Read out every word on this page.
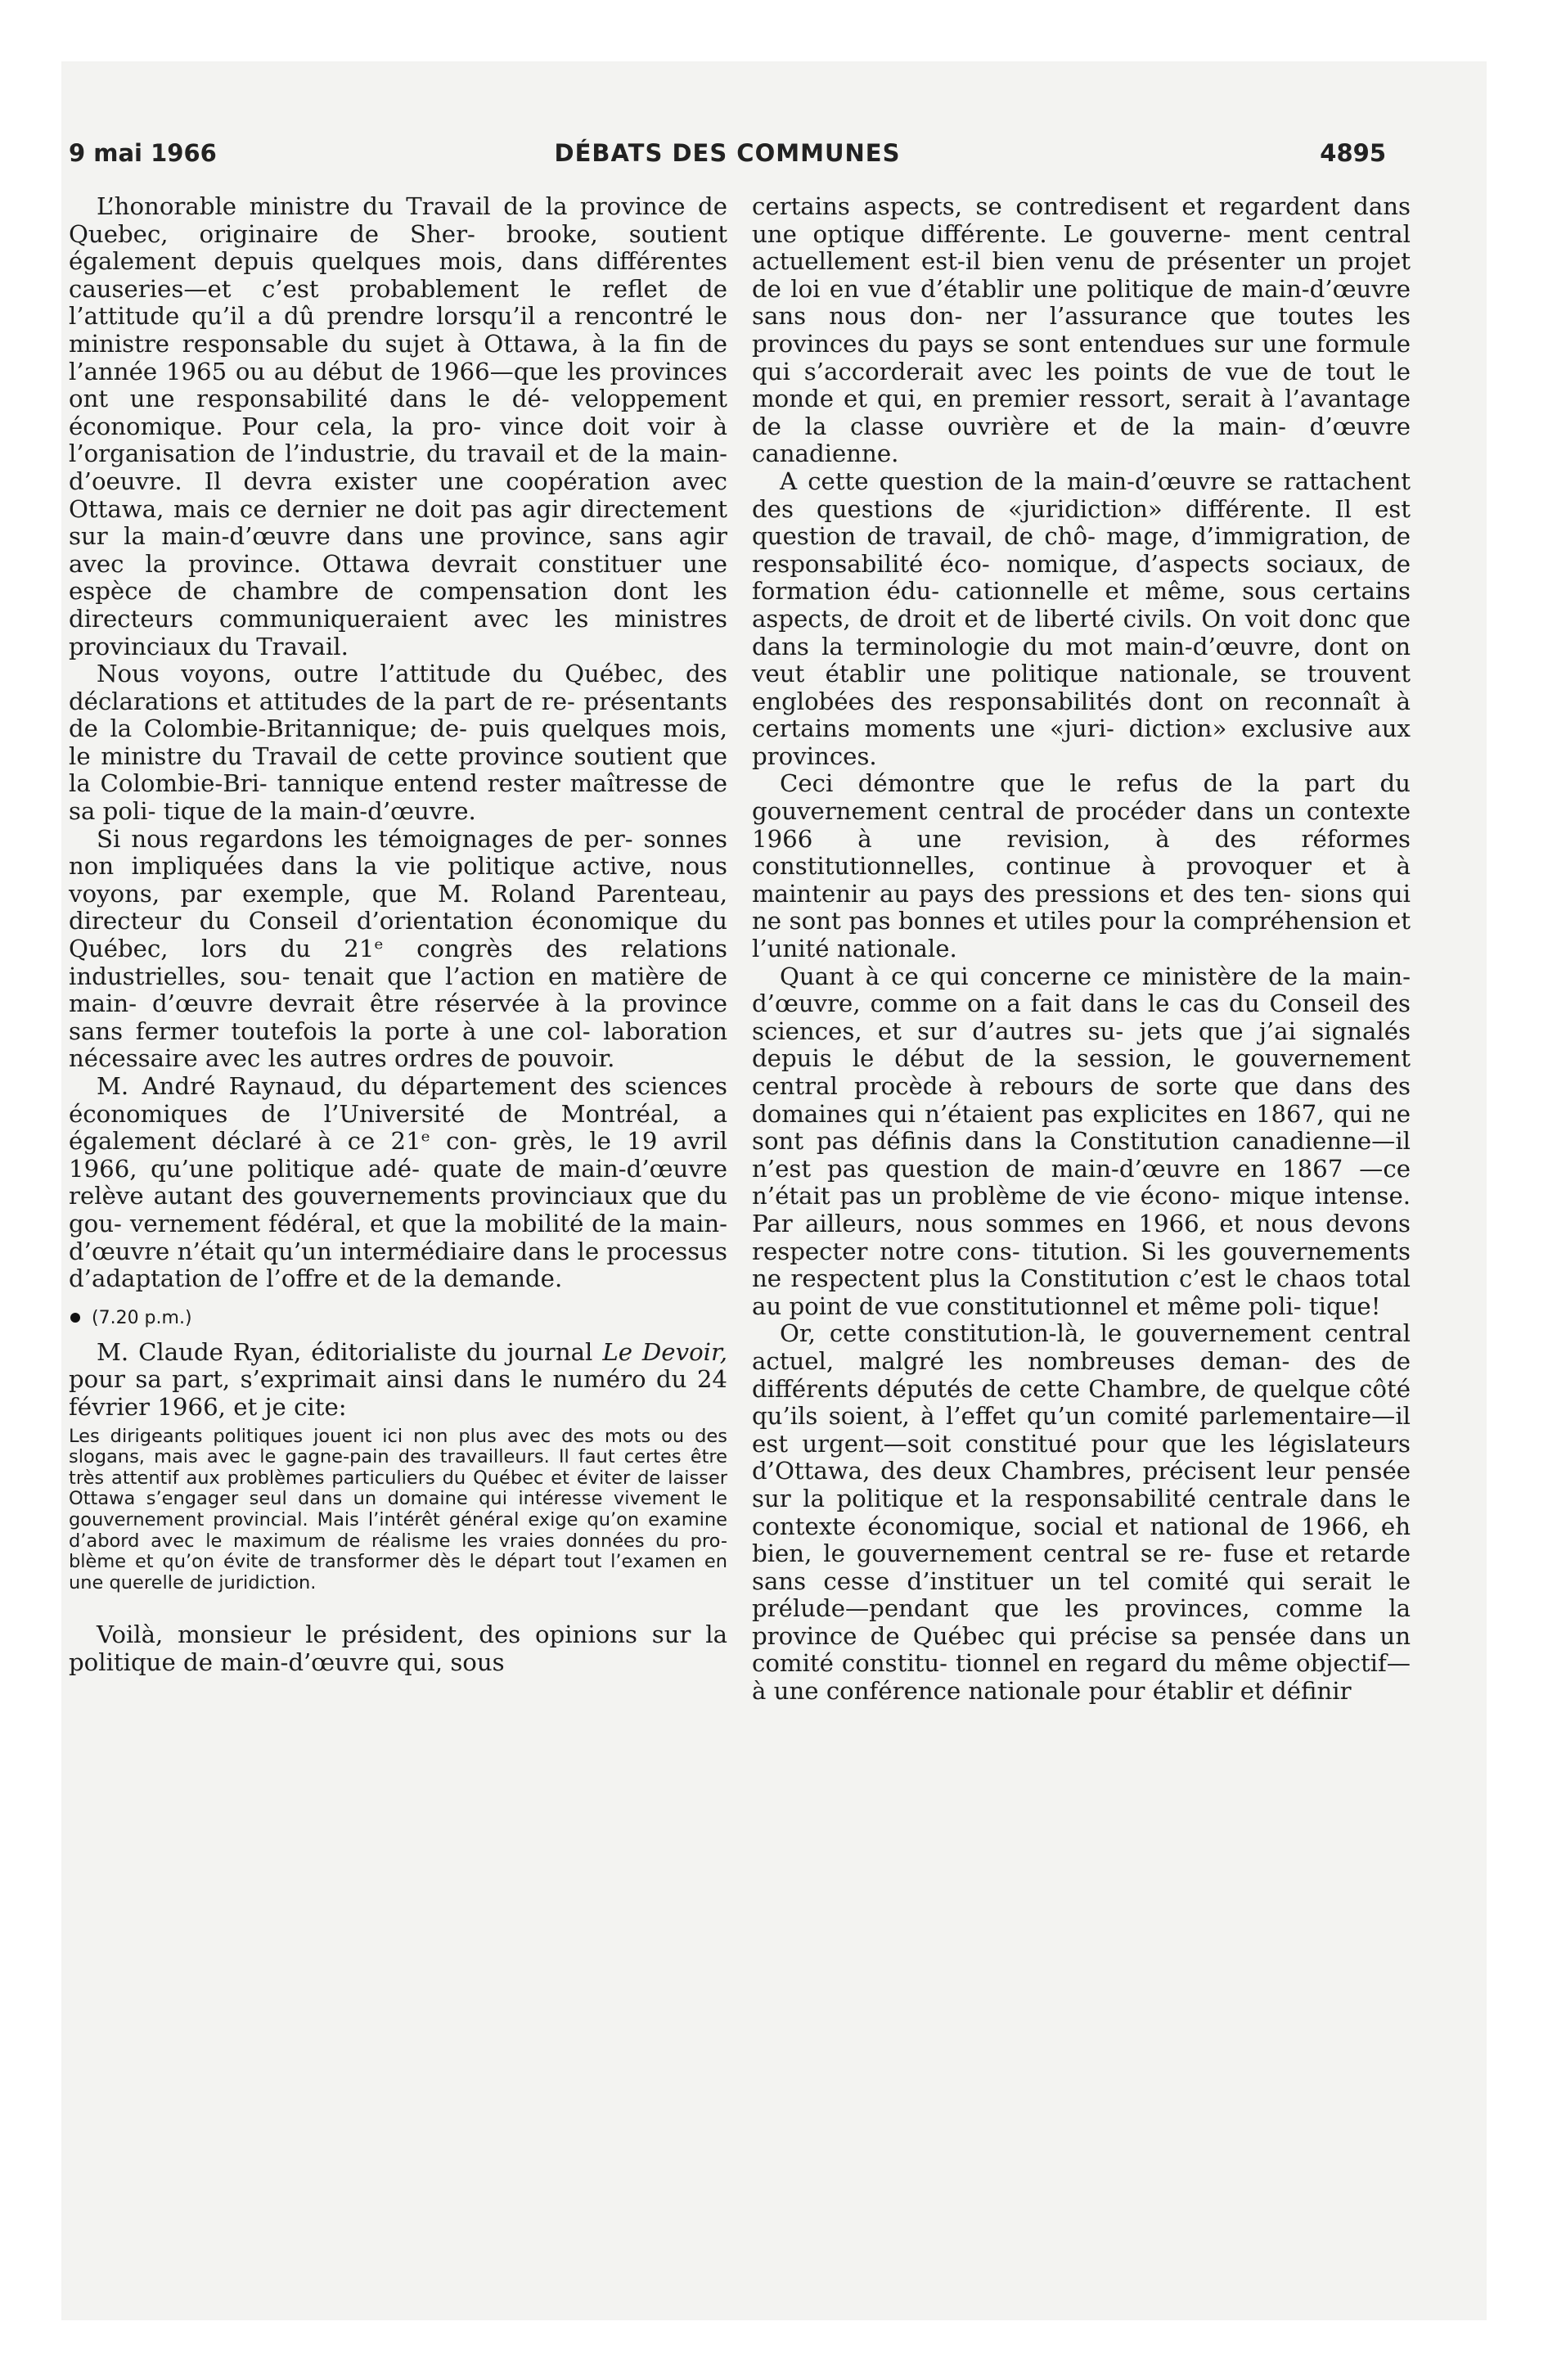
9 mai 1966	DÉBATS DES COMMUNES	4895

L’honorable ministre du Travail de la province de Quebec, originaire de Sher- brooke, soutient également depuis quelques mois, dans différentes causeries—et c’est probablement le reflet de l’attitude qu’il a dû prendre lorsqu’il a rencontré le ministre responsable du sujet à Ottawa, à la fin de l’année 1965 ou au début de 1966—que les provinces ont une responsabilité dans le dé- veloppement économique. Pour cela, la pro- vince doit voir à l’organisation de l’industrie, du travail et de la main-d’oeuvre. Il devra exister une coopération avec Ottawa, mais ce dernier ne doit pas agir directement sur la main-d’œuvre dans une province, sans agir avec la province. Ottawa devrait constituer une espèce de chambre de compensation dont les directeurs communiqueraient avec les ministres provinciaux du Travail.

Nous voyons, outre l’attitude du Québec, des déclarations et attitudes de la part de re- présentants de la Colombie-Britannique; de- puis quelques mois, le ministre du Travail de cette province soutient que la Colombie-Bri- tannique entend rester maîtresse de sa poli- tique de la main-d’œuvre.

Si nous regardons les témoignages de per- sonnes non impliquées dans la vie politique active, nous voyons, par exemple, que M. Roland Parenteau, directeur du Conseil d’orientation économique du Québec, lors du 21ᵉ congrès des relations industrielles, sou- tenait que l’action en matière de main- d’œuvre devrait être réservée à la province sans fermer toutefois la porte à une col- laboration nécessaire avec les autres ordres de pouvoir.

M. André Raynaud, du département des sciences économiques de l’Université de Montréal, a également déclaré à ce 21ᵉ con- grès, le 19 avril 1966, qu’une politique adé- quate de main-d’œuvre relève autant des gouvernements provinciaux que du gou- vernement fédéral, et que la mobilité de la main-d’œuvre n’était qu’un intermédiaire dans le processus d’adaptation de l’offre et de la demande.

(7.20 p.m.)

M. Claude Ryan, éditorialiste du journal Le Devoir, pour sa part, s’exprimait ainsi dans le numéro du 24 février 1966, et je cite:

Les dirigeants politiques jouent ici non plus avec des mots ou des slogans, mais avec le gagne-pain des travailleurs. Il faut certes être très attentif aux problèmes particuliers du Québec et éviter de laisser Ottawa s’engager seul dans un domaine qui intéresse vivement le gouvernement provincial. Mais l’intérêt général exige qu’on examine d’abord avec le maximum de réalisme les vraies données du pro- blème et qu’on évite de transformer dès le départ tout l’examen en une querelle de juridiction.

Voilà, monsieur le président, des opinions sur la politique de main-d’œuvre qui, sous

certains aspects, se contredisent et regardent dans une optique différente. Le gouverne- ment central actuellement est-il bien venu de présenter un projet de loi en vue d’établir une politique de main-d’œuvre sans nous don- ner l’assurance que toutes les provinces du pays se sont entendues sur une formule qui s’accorderait avec les points de vue de tout le monde et qui, en premier ressort, serait à l’avantage de la classe ouvrière et de la main- d’œuvre canadienne.

A cette question de la main-d’œuvre se rattachent des questions de «juridiction» différente. Il est question de travail, de chô- mage, d’immigration, de responsabilité éco- nomique, d’aspects sociaux, de formation édu- cationnelle et même, sous certains aspects, de droit et de liberté civils. On voit donc que dans la terminologie du mot main-d’œuvre, dont on veut établir une politique nationale, se trouvent englobées des responsabilités dont on reconnaît à certains moments une «juri- diction» exclusive aux provinces.

Ceci démontre que le refus de la part du gouvernement central de procéder dans un contexte 1966 à une revision, à des réformes constitutionnelles, continue à provoquer et à maintenir au pays des pressions et des ten- sions qui ne sont pas bonnes et utiles pour la compréhension et l’unité nationale.

Quant à ce qui concerne ce ministère de la main-d’œuvre, comme on a fait dans le cas du Conseil des sciences, et sur d’autres su- jets que j’ai signalés depuis le début de la session, le gouvernement central procède à rebours de sorte que dans des domaines qui n’étaient pas explicites en 1867, qui ne sont pas définis dans la Constitution canadienne—il n’est pas question de main-d’œuvre en 1867 —ce n’était pas un problème de vie écono- mique intense. Par ailleurs, nous sommes en 1966, et nous devons respecter notre cons- titution. Si les gouvernements ne respectent plus la Constitution c’est le chaos total au point de vue constitutionnel et même poli- tique!

Or, cette constitution-là, le gouvernement central actuel, malgré les nombreuses deman- des de différents députés de cette Chambre, de quelque côté qu’ils soient, à l’effet qu’un comité parlementaire—il est urgent—soit constitué pour que les législateurs d’Ottawa, des deux Chambres, précisent leur pensée sur la politique et la responsabilité centrale dans le contexte économique, social et national de 1966, eh bien, le gouvernement central se re- fuse et retarde sans cesse d’instituer un tel comité qui serait le prélude—pendant que les provinces, comme la province de Québec qui précise sa pensée dans un comité constitu- tionnel en regard du même objectif—à une conférence nationale pour établir et définir
